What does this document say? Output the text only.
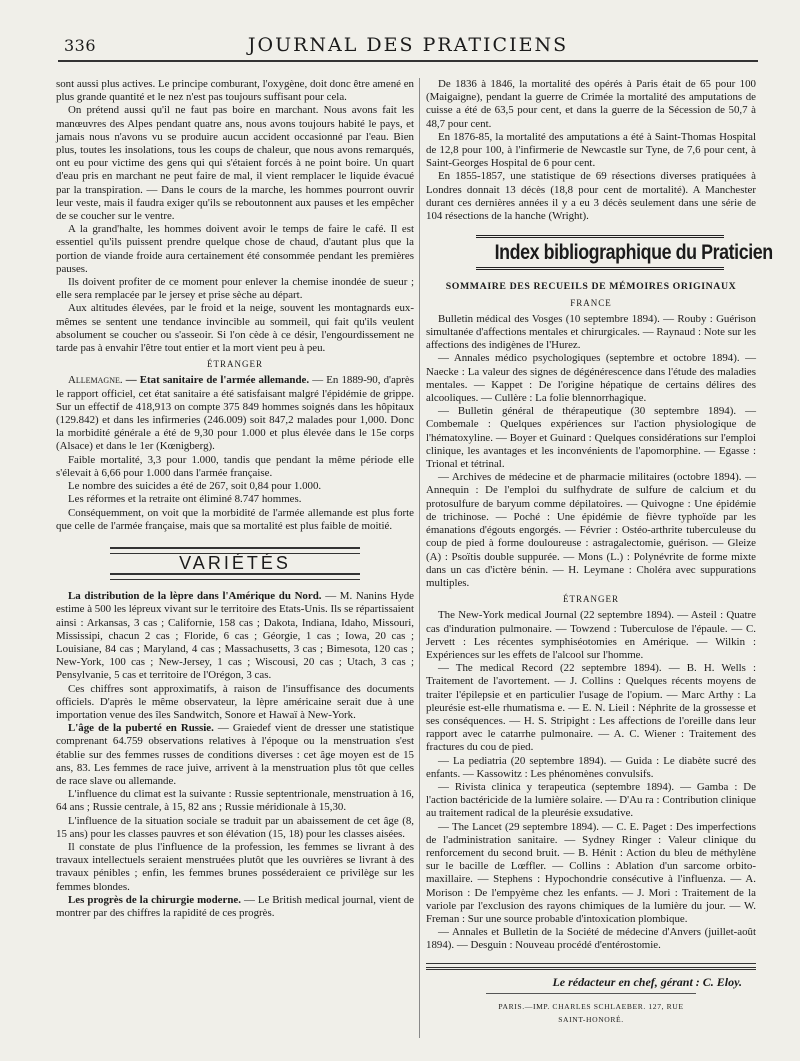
336	JOURNAL DES PRATICIENS

sont aussi plus actives. Le principe comburant, l'oxygène, doit donc être amené en plus grande quantité et le nez n'est pas toujours suffisant pour cela.

On prétend aussi qu'il ne faut pas boire en marchant. Nous avons fait les manœuvres des Alpes pendant quatre ans, nous avons toujours habité le pays, et jamais nous n'avons vu se produire aucun accident occasionné par l'eau. Bien plus, toutes les insolations, tous les coups de chaleur, que nous avons remarqués, ont eu pour victime des gens qui qui s'étaient forcés à ne point boire. Un quart d'eau pris en marchant ne peut faire de mal, il vient remplacer le liquide évacué par la transpiration. — Dans le cours de la marche, les hommes pourront ouvrir leur veste, mais il faudra exiger qu'ils se reboutonnent aux pauses et les empêcher de se coucher sur le ventre.

A la grand'halte, les hommes doivent avoir le temps de faire le café. Il est essentiel qu'ils puissent prendre quelque chose de chaud, d'autant plus que la portion de viande froide aura certainement été consommée pendant les premières pauses.

Ils doivent profiter de ce moment pour enlever la chemise inondée de sueur ; elle sera remplacée par le jersey et prise sèche au départ.

Aux altitudes élevées, par le froid et la neige, souvent les montagnards eux-mêmes se sentent une tendance invincible au sommeil, qui fait qu'ils veulent absolument se coucher ou s'asseoir. Si l'on cède à ce désir, l'engourdissement ne tarde pas à envahir l'être tout entier et la mort vient peu à peu.

ÉTRANGER

Allemagne. — Etat sanitaire de l'armée allemande. — En 1889-90, d'après le rapport officiel, cet état sanitaire a été satisfaisant malgré l'épidémie de grippe. Sur un effectif de 418,913 on compte 375 849 hommes soignés dans les hôpitaux (129.842) et dans les infirmeries (246.009) soit 847,2 malades pour 1,000. Donc la morbidité générale a été de 9,30 pour 1.000 et plus élevée dans le 15e corps (Alsace) et dans le 1er (Kœnigberg).

Faible mortalité, 3,3 pour 1.000, tandis que pendant la même période elle s'élevait à 6,66 pour 1.000 dans l'armée française.

Le nombre des suicides a été de 267, soit 0,84 pour 1.000.

Les réformes et la retraite ont éliminé 8.747 hommes.

Conséquemment, on voit que la morbidité de l'armée allemande est plus forte que celle de l'armée française, mais que sa mortalité est plus faible de moitié.

VARIÉTÉS

La distribution de la lèpre dans l'Amérique du Nord. — M. Nanins Hyde estime à 500 les lépreux vivant sur le territoire des Etats-Unis. Ils se répartissaient ainsi : Arkansas, 3 cas ; Californie, 158 cas ; Dakota, Indiana, Idaho, Missouri, Mississipi, chacun 2 cas ; Floride, 6 cas ; Géorgie, 1 cas ; Iowa, 20 cas ; Louisiane, 84 cas ; Maryland, 4 cas ; Massachusetts, 3 cas ; Bimesota, 120 cas ; New-York, 100 cas ; New-Jersey, 1 cas ; Wiscousi, 20 cas ; Utach, 3 cas ; Pensylvanie, 5 cas et territoire de l'Orégon, 3 cas.

Ces chiffres sont approximatifs, à raison de l'insuffisance des documents officiels. D'après le même observateur, la lèpre américaine serait due à une importation venue des îles Sandwitch, Sonore et Hawaï à New-York.

L'âge de la puberté en Russie. — Graiedef vient de dresser une statistique comprenant 64.759 observations relatives à l'époque ou la menstruation s'est établie sur des femmes russes de conditions diverses : cet âge moyen est de 15 ans, 83. Les femmes de race juive, arrivent à la menstruation plus tôt que celles de race slave ou allemande.

L'influence du climat est la suivante : Russie septentrionale, menstruation à 16, 64 ans ; Russie centrale, à 15, 82 ans ; Russie méridionale à 15,30.

L'influence de la situation sociale se traduit par un abaissement de cet âge (8, 15 ans) pour les classes pauvres et son élévation (15, 18) pour les classes aisées.

Il constate de plus l'influence de la profession, les femmes se livrant à des travaux intellectuels seraient menstruées plutôt que les ouvrières se livrant à des travaux pénibles ; enfin, les femmes brunes posséderaient ce privilège sur les femmes blondes.

Les progrès de la chirurgie moderne. — Le British medical journal, vient de montrer par des chiffres la rapidité de ces progrès.

De 1836 à 1846, la mortalité des opérés à Paris était de 65 pour 100 (Maigaigne), pendant la guerre de Crimée la mortalité des amputations de cuisse a été de 63,5 pour cent, et dans la guerre de la Sécession de 50,7 à 48,7 pour cent.

En 1876-85, la mortalité des amputations a été à Saint-Thomas Hospital de 12,8 pour 100, à l'infirmerie de Newcastle sur Tyne, de 7,6 pour cent, à Saint-Georges Hospital de 6 pour cent.

En 1855-1857, une statistique de 69 résections diverses pratiquées à Londres donnait 13 décès (18,8 pour cent de mortalité). A Manchester durant ces dernières années il y a eu 3 décès seulement dans une série de 104 résections de la hanche (Wright).

Index bibliographique du Praticien

SOMMAIRE DES RECUEILS DE MÉMOIRES ORIGINAUX

FRANCE

Bulletin médical des Vosges (10 septembre 1894). — Rouby : Guérison simultanée d'affections mentales et chirurgicales. — Raynaud : Note sur les affections des indigènes de l'Hurez.

— Annales médico psychologiques (septembre et octobre 1894). — Naecke : La valeur des signes de dégénérescence dans l'étude des maladies mentales. — Kappet : De l'origine hépatique de certains délires des alcooliques. — Cullère : La folie blennorrhagique.

— Bulletin général de thérapeutique (30 septembre 1894). — Combemale : Quelques expériences sur l'action physiologique de l'hématoxyline. — Boyer et Guinard : Quelques considérations sur l'emploi clinique, les avantages et les inconvénients de l'apomorphine. — Egasse : Trional et tétrinal.

— Archives de médecine et de pharmacie militaires (octobre 1894). — Annequin : De l'emploi du sulfhydrate de sulfure de calcium et du protosulfure de baryum comme dépilatoires. — Quivogne : Une épidémie de trichinose. — Poché : Une épidémie de fièvre typhoïde par les émanations d'égouts engorgés. — Février : Ostéo-arthrite tuberculeuse du coup de pied à forme douloureuse : astragalectomie, guérison. — Gleize (A) : Psoïtis double suppurée. — Mons (L.) : Polynévrite de forme mixte dans un cas d'ictère bénin. — H. Leymane : Choléra avec suppurations multiples.

ÉTRANGER

The New-York medical Journal (22 septembre 1894). — Asteil : Quatre cas d'induration pulmonaire. — Towzend : Tuberculose de l'épaule. — C. Jervett : Les récentes symphiséotomies en Amérique. — Wilkin : Expériences sur les effets de l'alcool sur l'homme.

— The medical Record (22 septembre 1894). — B. H. Wells : Traitement de l'avortement. — J. Collins : Quelques récents moyens de traiter l'épilepsie et en particulier l'usage de l'opium. — Marc Arthy : La pleurésie est-elle rhumatisma e. — E. N. Lieil : Néphrite de la grossesse et ses conséquences. — H. S. Stripight : Les affections de l'oreille dans leur rapport avec le catarrhe pulmonaire. — A. C. Wiener : Traitement des fractures du cou de pied.

— La pediatria (20 septembre 1894). — Guida : Le diabète sucré des enfants. — Kassowitz : Les phénomènes convulsifs.

— Rivista clinica y terapeutica (septembre 1894). — Gamba : De l'action bactéricide de la lumière solaire. — D'Au ra : Contribution clinique au traitement radical de la pleurésie exsudative.

— The Lancet (29 septembre 1894). — C. E. Paget : Des imperfections de l'administration sanitaire. — Sydney Ringer : Valeur clinique du renforcement du second bruit. — B. Hénit : Action du bleu de méthylène sur le bacille de Lœffler. — Collins : Ablation d'un sarcome orbito-maxillaire. — Stephens : Hypochondrie consécutive à l'influenza. — A. Morison : De l'empyème chez les enfants. — J. Mori : Traitement de la variole par l'exclusion des rayons chimiques de la lumière du jour. — W. Freman : Sur une source probable d'intoxication plombique.

— Annales et Bulletin de la Société de médecine d'Anvers (juillet-août 1894). — Desguin : Nouveau procédé d'entérostomie.

Le rédacteur en chef, gérant : C. Eloy.

PARIS.—IMP. CHARLES SCHLAEBER. 127, RUE SAINT-HONORÉ.
